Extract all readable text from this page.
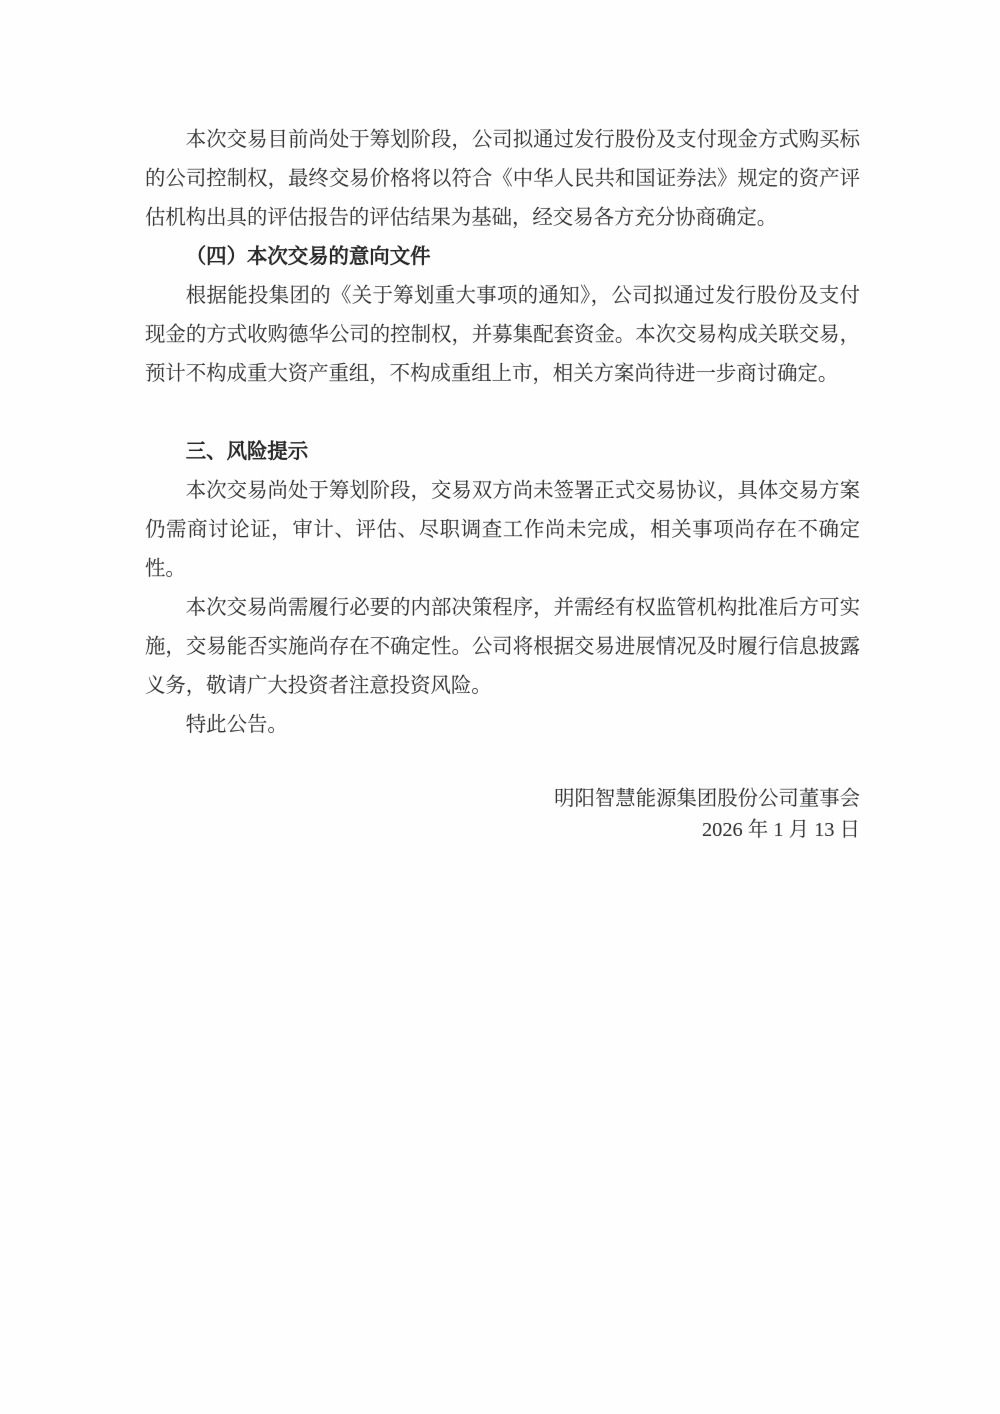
本次交易目前尚处于筹划阶段，公司拟通过发行股份及支付现金方式购买标的公司控制权，最终交易价格将以符合《中华人民共和国证券法》规定的资产评估机构出具的评估报告的评估结果为基础，经交易各方充分协商确定。

（四）本次交易的意向文件

根据能投集团的《关于筹划重大事项的通知》，公司拟通过发行股份及支付现金的方式收购德华公司的控制权，并募集配套资金。本次交易构成关联交易，预计不构成重大资产重组，不构成重组上市，相关方案尚待进一步商讨确定。

三、风险提示

本次交易尚处于筹划阶段，交易双方尚未签署正式交易协议，具体交易方案仍需商讨论证，审计、评估、尽职调查工作尚未完成，相关事项尚存在不确定性。

本次交易尚需履行必要的内部决策程序，并需经有权监管机构批准后方可实施，交易能否实施尚存在不确定性。公司将根据交易进展情况及时履行信息披露义务，敬请广大投资者注意投资风险。

特此公告。

明阳智慧能源集团股份公司董事会

2026 年 1 月 13 日
